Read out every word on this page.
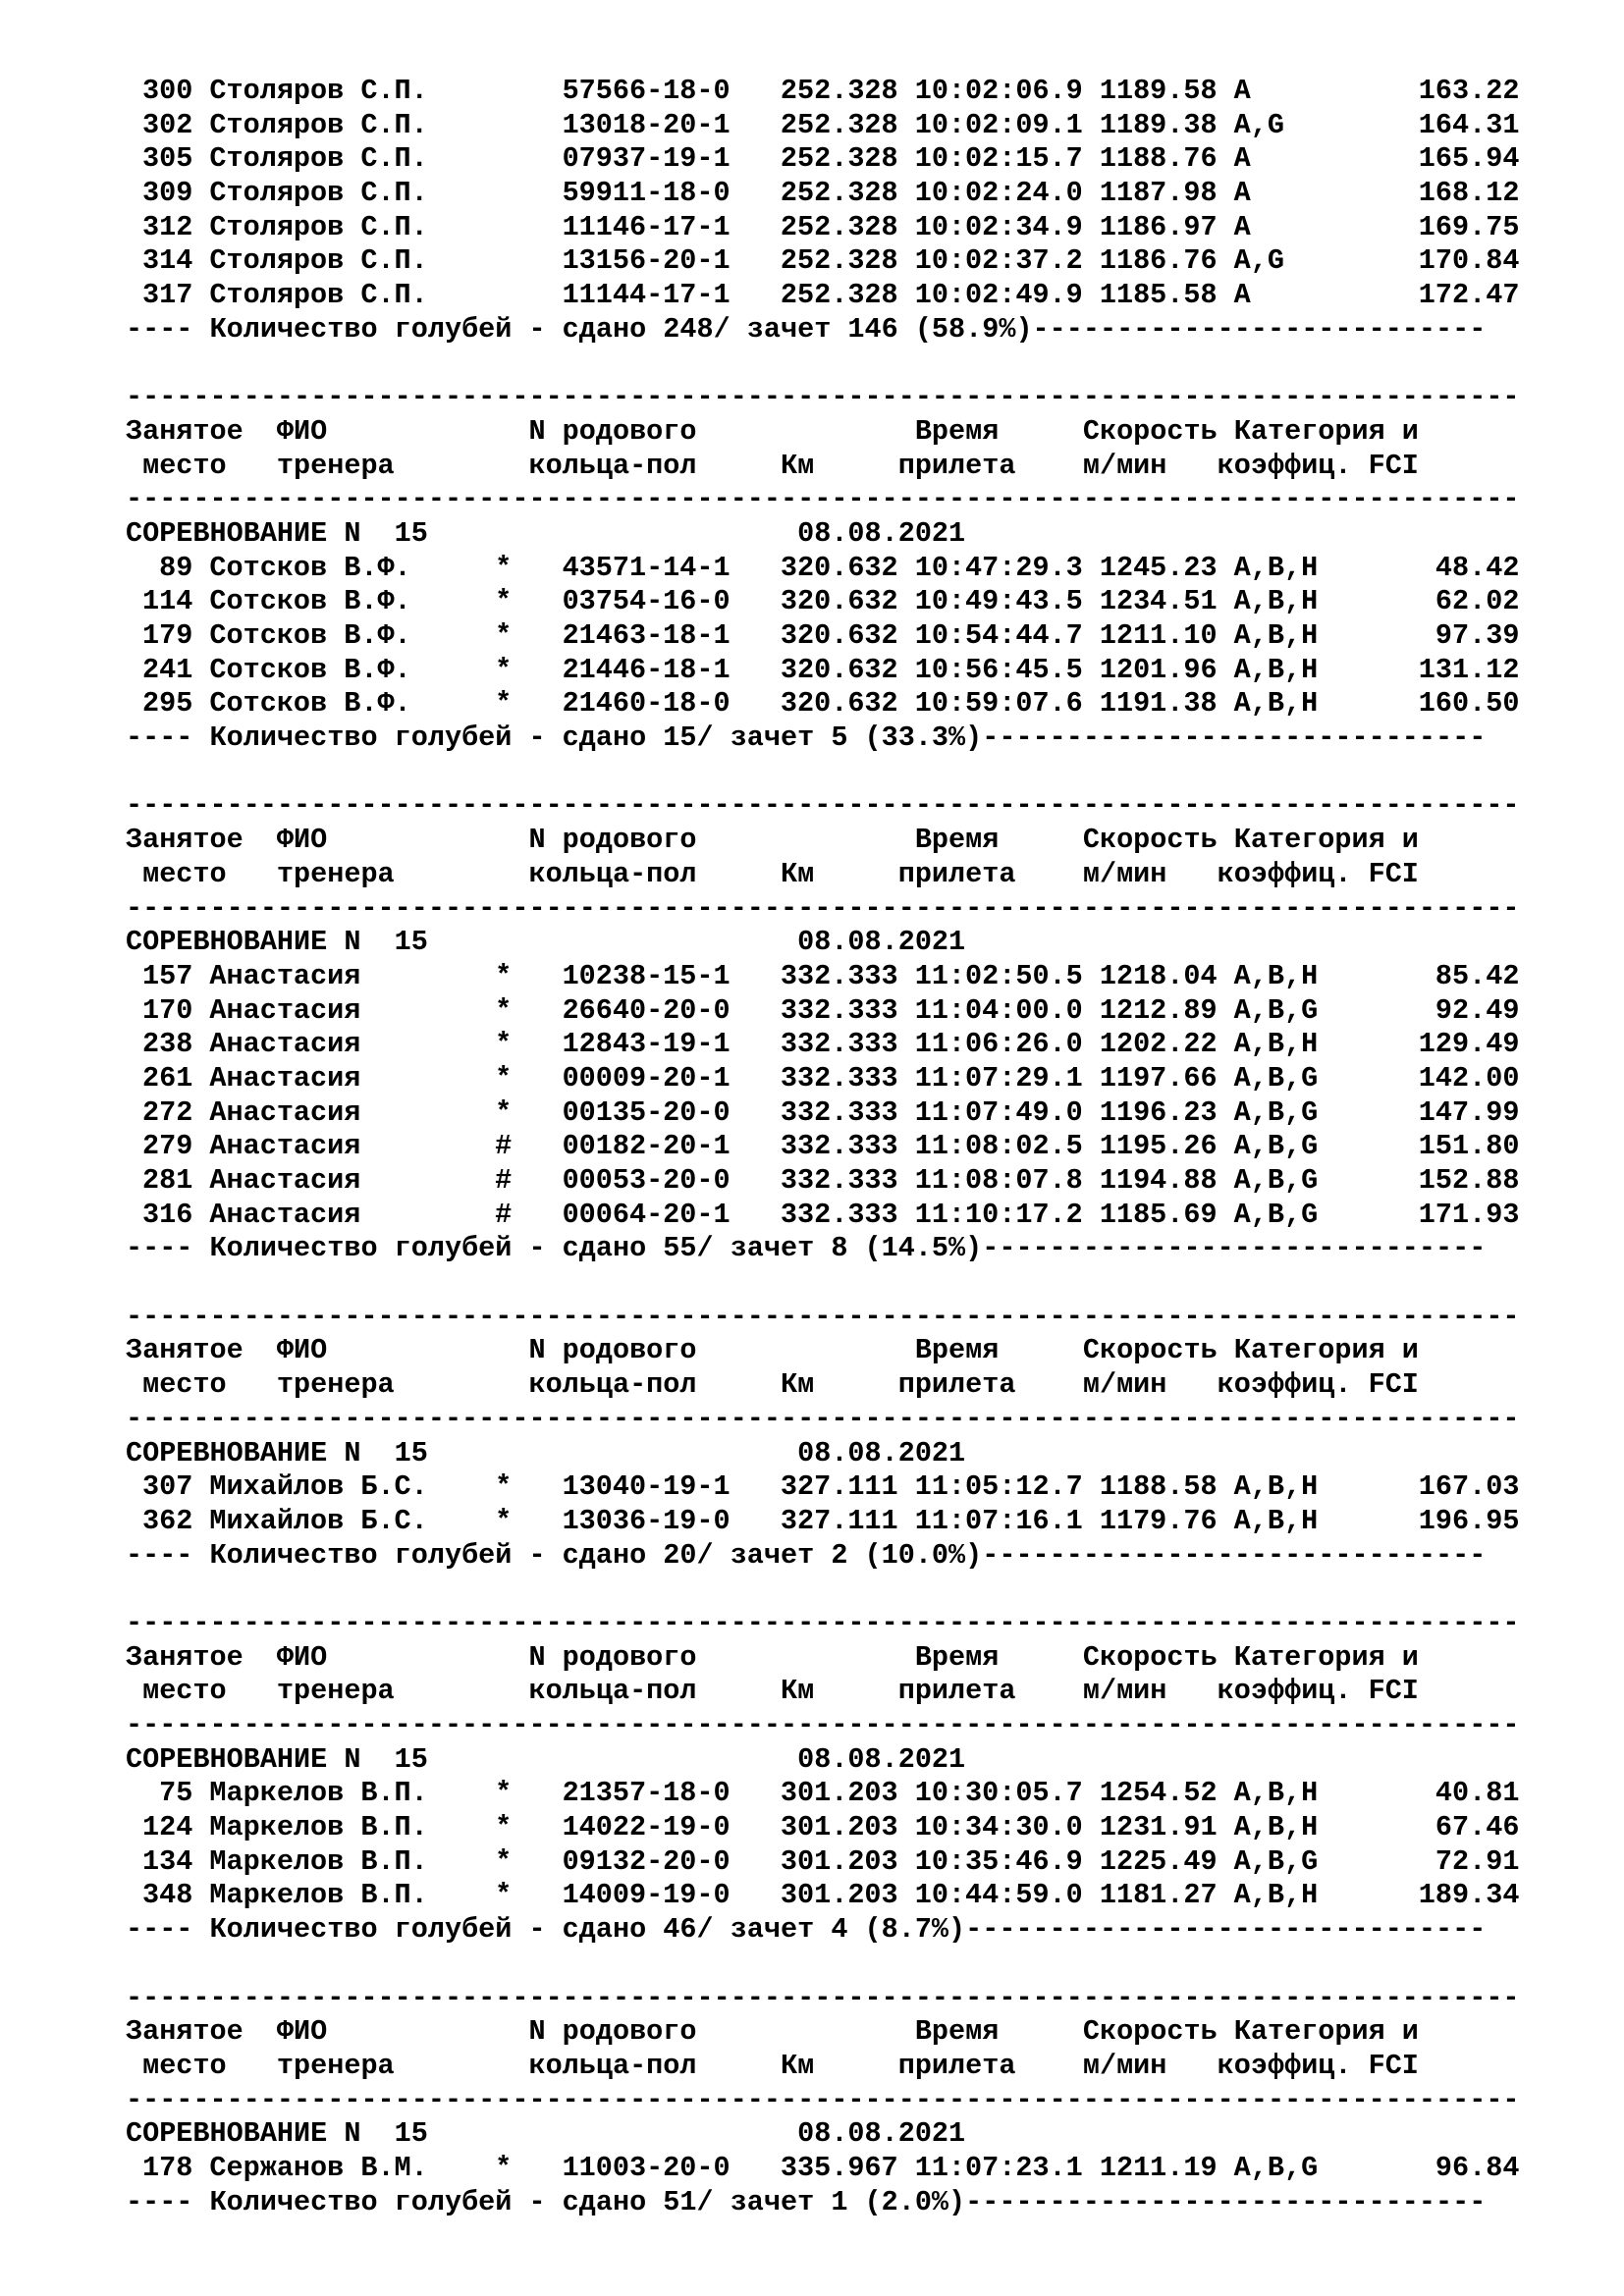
300 Столяров С.П.        57566-18-0   252.328 10:02:06.9 1189.58 A          163.22
302 Столяров С.П.        13018-20-1   252.328 10:02:09.1 1189.38 A,G        164.31
305 Столяров С.П.        07937-19-1   252.328 10:02:15.7 1188.76 A          165.94
309 Столяров С.П.        59911-18-0   252.328 10:02:24.0 1187.98 A          168.12
312 Столяров С.П.        11146-17-1   252.328 10:02:34.9 1186.97 A          169.75
314 Столяров С.П.        13156-20-1   252.328 10:02:37.2 1186.76 A,G        170.84
317 Столяров С.П.        11144-17-1   252.328 10:02:49.9 1185.58 A          172.47
---- Количество голубей - сдано 248/ зачет 146 (58.9%)---------------------------
-----------------------------------------------------------------------------------
Занятое  ФИО            N родового             Время     Скорость Категория и
место   тренера        кольца-пол     Км     прилета    м/мин   коэффиц. FCI
-----------------------------------------------------------------------------------
СОРЕВНОВАНИЕ N  15                      08.08.2021
89 Сотсков В.Ф.     *   43571-14-1   320.632 10:47:29.3 1245.23 A,B,H       48.42
114 Сотсков В.Ф.     *   03754-16-0   320.632 10:49:43.5 1234.51 A,B,H       62.02
179 Сотсков В.Ф.     *   21463-18-1   320.632 10:54:44.7 1211.10 A,B,H       97.39
241 Сотсков В.Ф.     *   21446-18-1   320.632 10:56:45.5 1201.96 A,B,H      131.12
295 Сотсков В.Ф.     *   21460-18-0   320.632 10:59:07.6 1191.38 A,B,H      160.50
---- Количество голубей - сдано 15/ зачет 5 (33.3%)------------------------------
-----------------------------------------------------------------------------------
Занятое  ФИО            N родового             Время     Скорость Категория и
место   тренера        кольца-пол     Км     прилета    м/мин   коэффиц. FCI
-----------------------------------------------------------------------------------
СОРЕВНОВАНИЕ N  15                      08.08.2021
157 Анастасия        *   10238-15-1   332.333 11:02:50.5 1218.04 A,B,H       85.42
170 Анастасия        *   26640-20-0   332.333 11:04:00.0 1212.89 A,B,G       92.49
238 Анастасия        *   12843-19-1   332.333 11:06:26.0 1202.22 A,B,H      129.49
261 Анастасия        *   00009-20-1   332.333 11:07:29.1 1197.66 A,B,G      142.00
272 Анастасия        *   00135-20-0   332.333 11:07:49.0 1196.23 A,B,G      147.99
279 Анастасия        #   00182-20-1   332.333 11:08:02.5 1195.26 A,B,G      151.80
281 Анастасия        #   00053-20-0   332.333 11:08:07.8 1194.88 A,B,G      152.88
316 Анастасия        #   00064-20-1   332.333 11:10:17.2 1185.69 A,B,G      171.93
---- Количество голубей - сдано 55/ зачет 8 (14.5%)------------------------------
-----------------------------------------------------------------------------------
Занятое  ФИО            N родового             Время     Скорость Категория и
место   тренера        кольца-пол     Км     прилета    м/мин   коэффиц. FCI
-----------------------------------------------------------------------------------
СОРЕВНОВАНИЕ N  15                      08.08.2021
307 Михайлов Б.С.    *   13040-19-1   327.111 11:05:12.7 1188.58 A,B,H      167.03
362 Михайлов Б.С.    *   13036-19-0   327.111 11:07:16.1 1179.76 A,B,H      196.95
---- Количество голубей - сдано 20/ зачет 2 (10.0%)------------------------------
-----------------------------------------------------------------------------------
Занятое  ФИО            N родового             Время     Скорость Категория и
место   тренера        кольца-пол     Км     прилета    м/мин   коэффиц. FCI
-----------------------------------------------------------------------------------
СОРЕВНОВАНИЕ N  15                      08.08.2021
75 Маркелов В.П.    *   21357-18-0   301.203 10:30:05.7 1254.52 A,B,H       40.81
124 Маркелов В.П.    *   14022-19-0   301.203 10:34:30.0 1231.91 A,B,H       67.46
134 Маркелов В.П.    *   09132-20-0   301.203 10:35:46.9 1225.49 A,B,G       72.91
348 Маркелов В.П.    *   14009-19-0   301.203 10:44:59.0 1181.27 A,B,H      189.34
---- Количество голубей - сдано 46/ зачет 4 (8.7%)-------------------------------
-----------------------------------------------------------------------------------
Занятое  ФИО            N родового             Время     Скорость Категория и
место   тренера        кольца-пол     Км     прилета    м/мин   коэффиц. FCI
-----------------------------------------------------------------------------------
СОРЕВНОВАНИЕ N  15                      08.08.2021
178 Сержанов В.М.    *   11003-20-0   335.967 11:07:23.1 1211.19 A,B,G       96.84
---- Количество голубей - сдано 51/ зачет 1 (2.0%)-------------------------------
